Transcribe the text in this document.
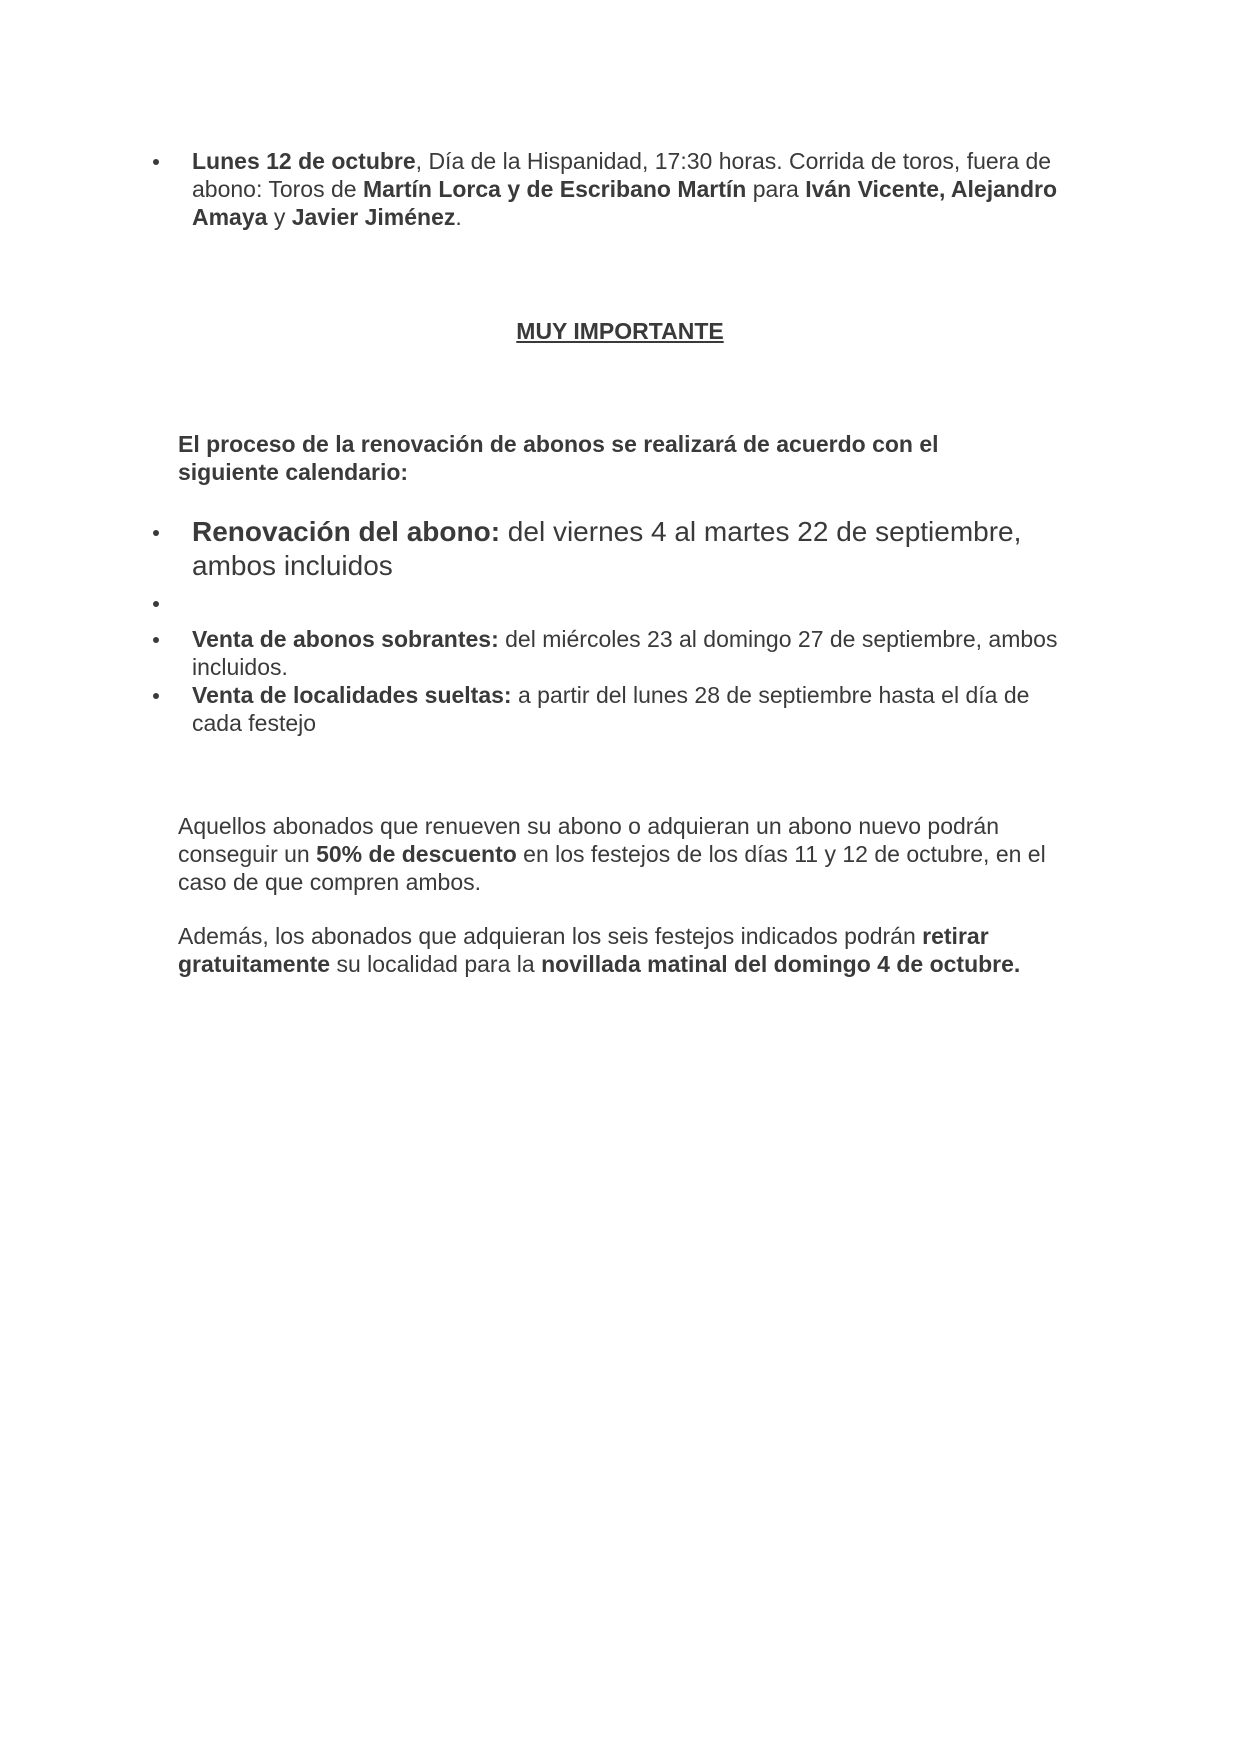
Lunes 12 de octubre, Día de la Hispanidad, 17:30 horas. Corrida de toros, fuera de abono: Toros de Martín Lorca y de Escribano Martín para Iván Vicente, Alejandro Amaya y Javier Jiménez.
MUY IMPORTANTE

El proceso de la renovación de abonos se realizará de acuerdo con el siguiente calendario:

Renovación del abono: del viernes 4 al martes 22 de septiembre, ambos incluidos
Venta de abonos sobrantes: del miércoles 23 al domingo 27 de septiembre, ambos incluidos.
Venta de localidades sueltas: a partir del lunes 28 de septiembre hasta el día de cada festejo

Aquellos abonados que renueven su abono o adquieran un abono nuevo podrán conseguir un 50% de descuento en los festejos de los días 11 y 12 de octubre, en el caso de que compren ambos.

Además, los abonados que adquieran los seis festejos indicados podrán retirar gratuitamente su localidad para la novillada matinal del domingo 4 de octubre.
